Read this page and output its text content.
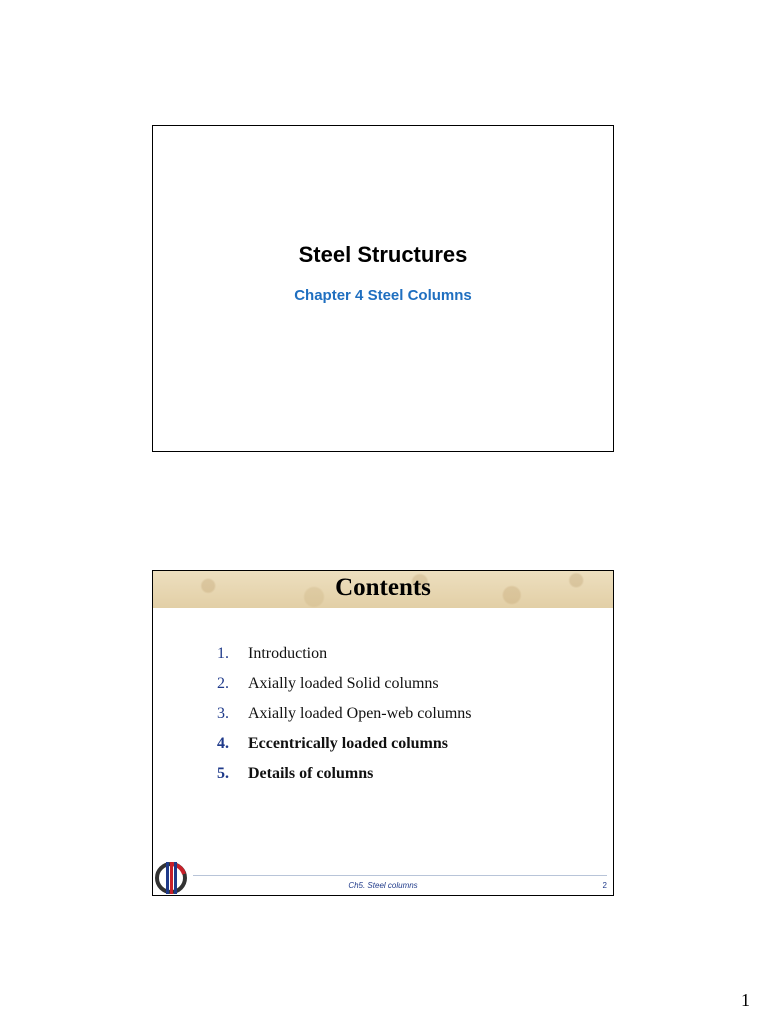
Steel Structures
Chapter 4 Steel Columns
Contents
1. Introduction
2. Axially loaded Solid columns
3. Axially loaded Open-web columns
4. Eccentrically loaded columns
5. Details of columns
Ch5. Steel columns	2
1
